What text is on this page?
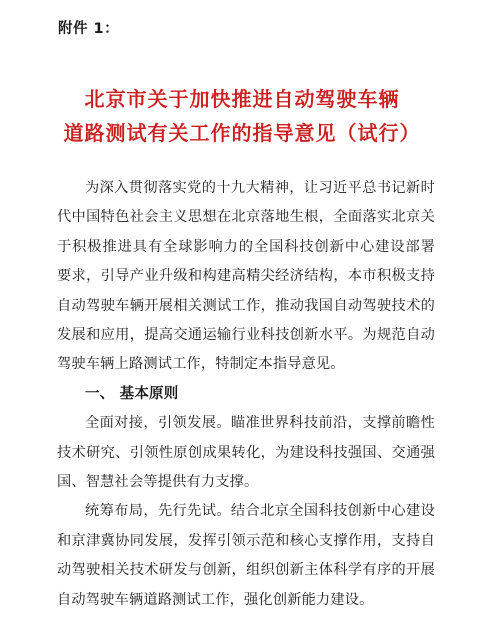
附件 1：
北京市关于加快推进自动驾驶车辆
道路测试有关工作的指导意见（试行）
为深入贯彻落实党的十九大精神，让习近平总书记新时
代中国特色社会主义思想在北京落地生根，全面落实北京关
于积极推进具有全球影响力的全国科技创新中心建设部署
要求，引导产业升级和构建高精尖经济结构，本市积极支持
自动驾驶车辆开展相关测试工作，推动我国自动驾驶技术的
发展和应用，提高交通运输行业科技创新水平。为规范自动
驾驶车辆上路测试工作，特制定本指导意见。
一、 基本原则
全面对接，引领发展。瞄准世界科技前沿，支撑前瞻性
技术研究、引领性原创成果转化，为建设科技强国、交通强
国、智慧社会等提供有力支撑。
统筹布局，先行先试。结合北京全国科技创新中心建设
和京津冀协同发展，发挥引领示范和核心支撑作用，支持自
动驾驶相关技术研发与创新，组织创新主体科学有序的开展
自动驾驶车辆道路测试工作，强化创新能力建设。
